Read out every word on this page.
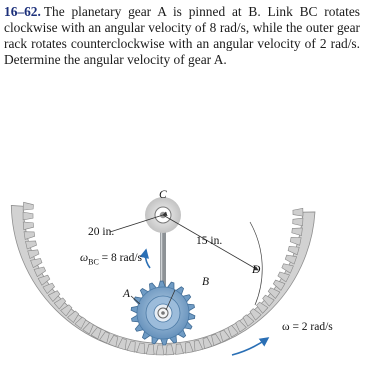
16–62. The planetary gear A is pinned at B. Link BC rotates clockwise with an angular velocity of 8 rad/s, while the outer gear rack rotates counterclockwise with an angular velocity of 2 rad/s. Determine the angular velocity of gear A.
C
20 in.
15 in.
$\omega_{BC} = 8$ rad/s
D
B
A
ω = 2 rad/s
